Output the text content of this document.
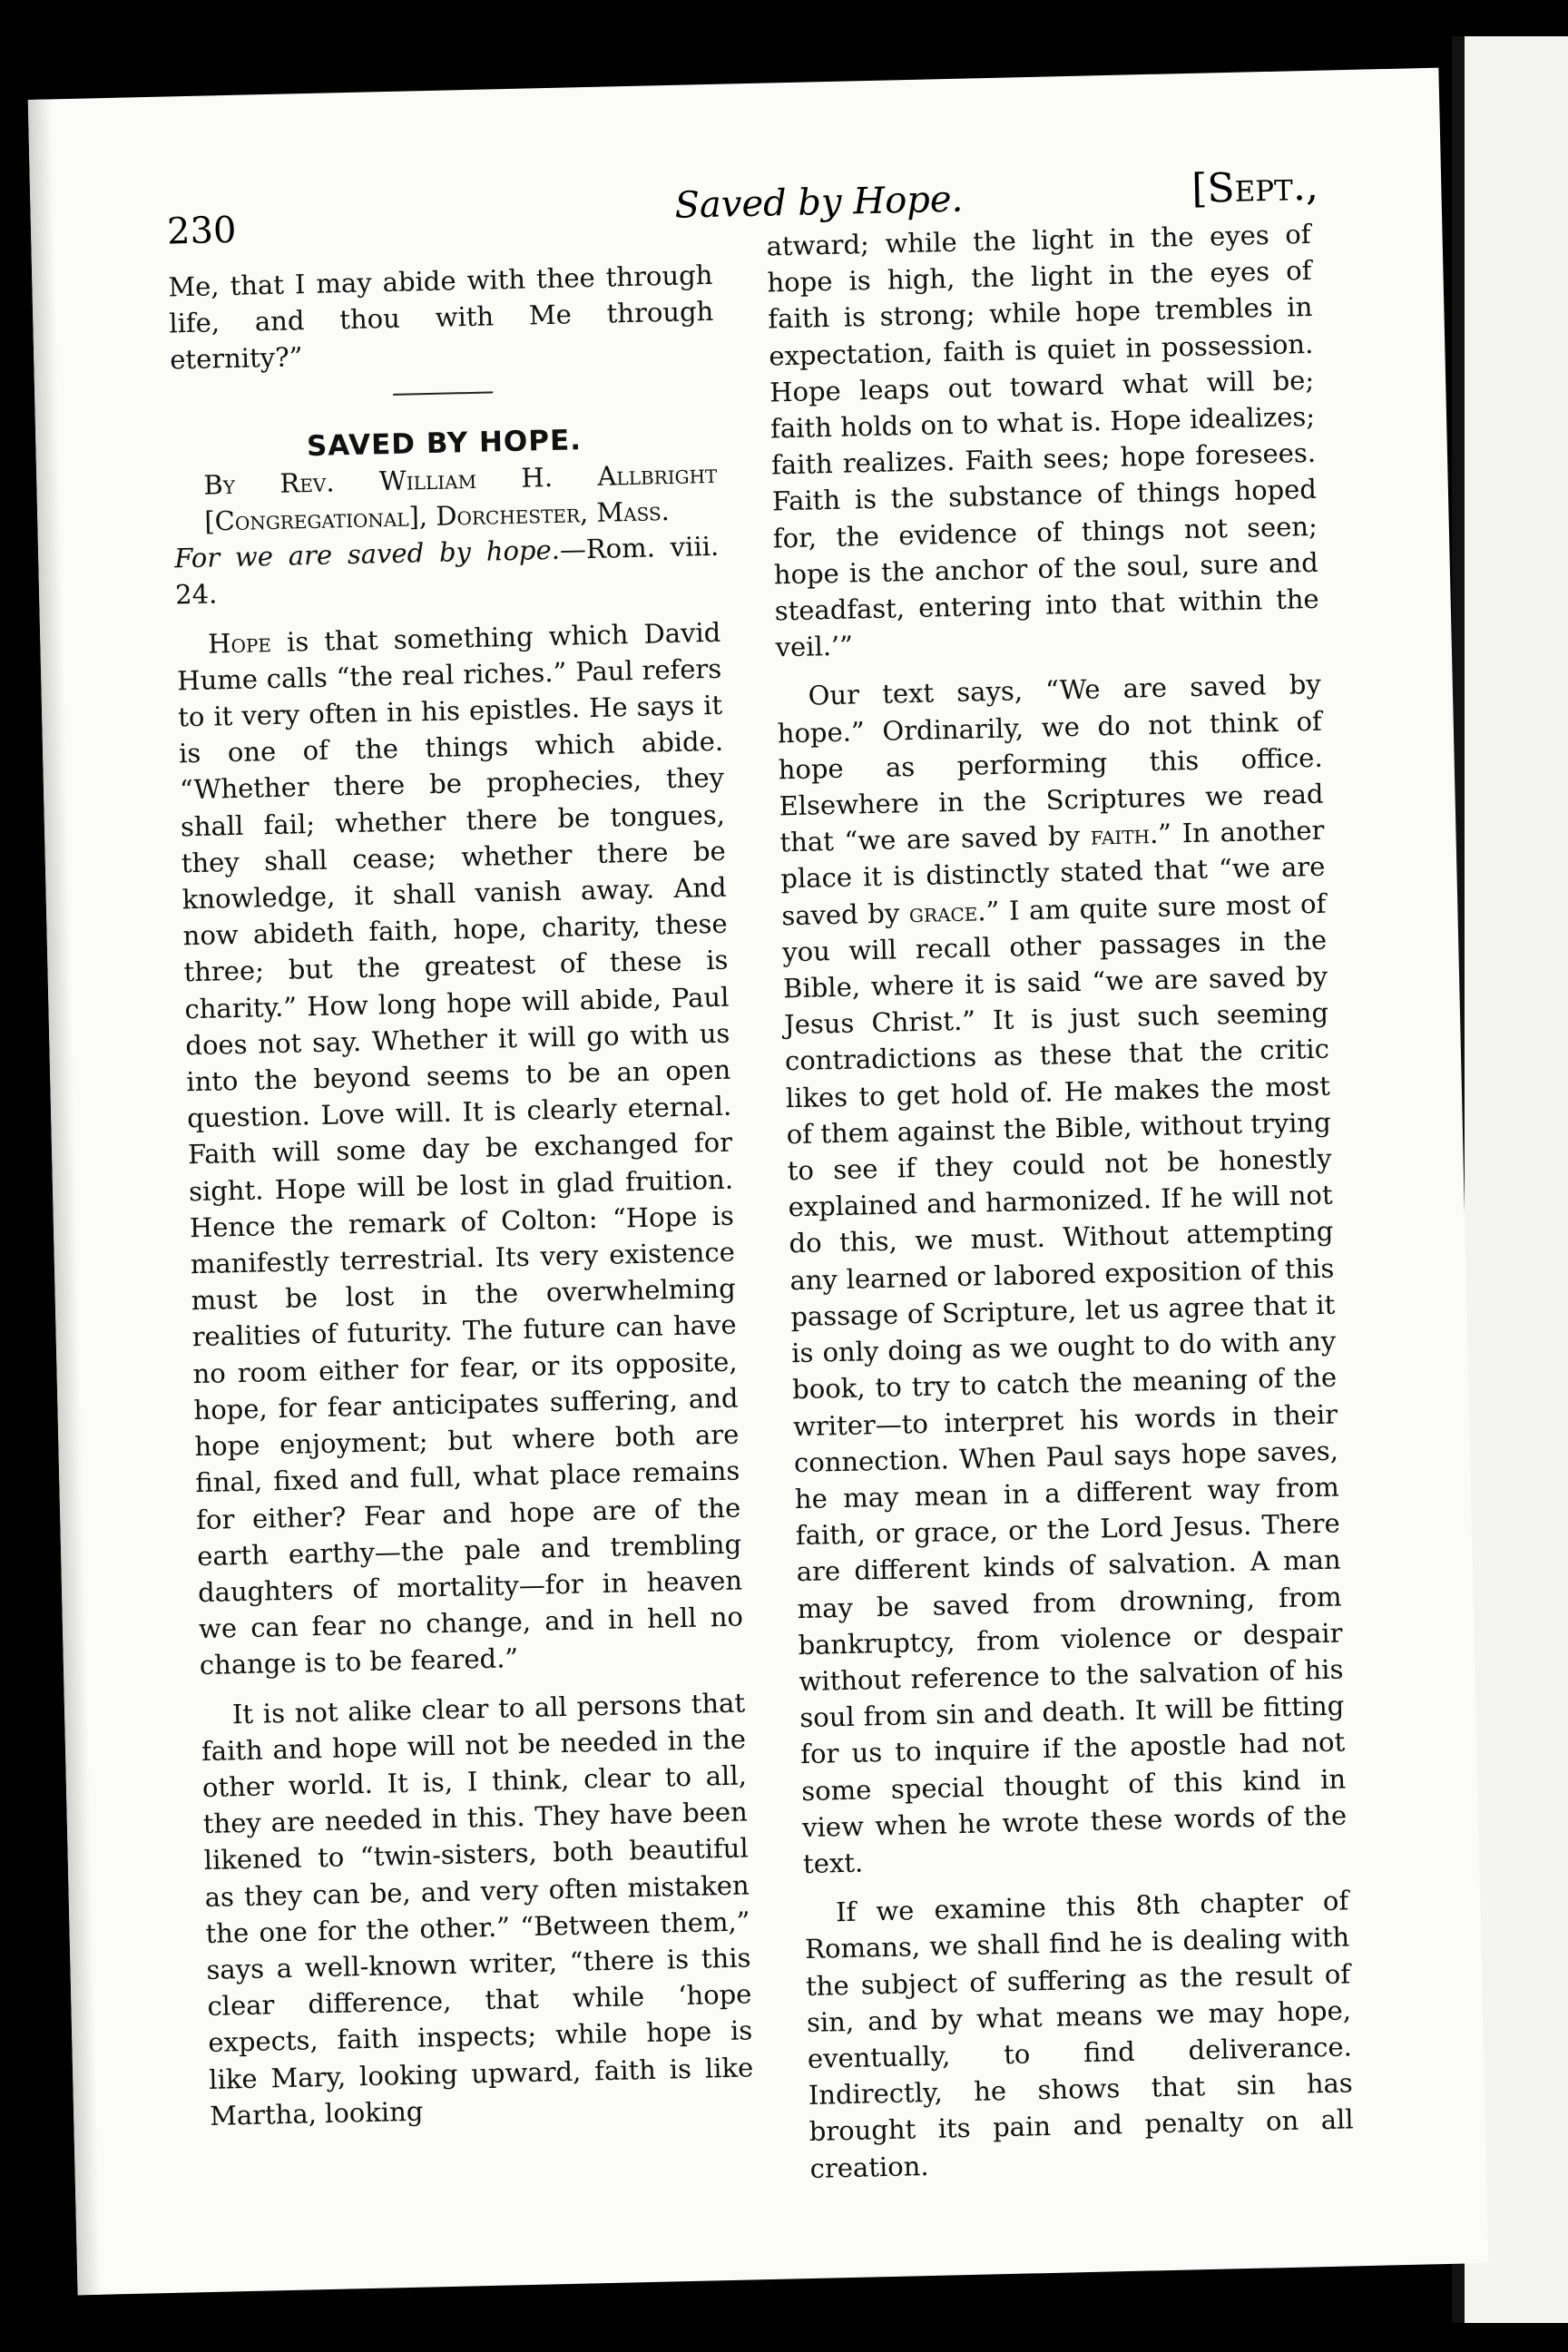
230
Saved by Hope.	[Sept.,

Me, that I may abide with thee through life, and thou with Me through eternity?”

SAVED BY HOPE.

By Rev. William H. Allbright [Congregational], Dorchester, Mass.

For we are saved by hope.—Rom. viii. 24.

Hope is that something which David Hume calls “the real riches.” Paul refers to it very often in his epistles. He says it is one of the things which abide. “Whether there be prophecies, they shall fail; whether there be tongues, they shall cease; whether there be knowledge, it shall vanish away. And now abideth faith, hope, charity, these three; but the greatest of these is charity.” How long hope will abide, Paul does not say. Whether it will go with us into the beyond seems to be an open question. Love will. It is clearly eternal. Faith will some day be exchanged for sight. Hope will be lost in glad fruition. Hence the remark of Colton: “Hope is manifestly terrestrial. Its very existence must be lost in the overwhelming realities of futurity. The future can have no room either for fear, or its opposite, hope, for fear anticipates suffering, and hope enjoyment; but where both are final, fixed and full, what place remains for either? Fear and hope are of the earth earthy—the pale and trembling daughters of mortality—for in heaven we can fear no change, and in hell no change is to be feared.”

It is not alike clear to all persons that faith and hope will not be needed in the other world. It is, I think, clear to all, they are needed in this. They have been likened to “twin-sisters, both beautiful as they can be, and very often mistaken the one for the other.” “Between them,” says a well-known writer, “there is this clear difference, that while ‘hope expects, faith inspects; while hope is like Mary, looking upward, faith is like Martha, looking

atward; while the light in the eyes of hope is high, the light in the eyes of faith is strong; while hope trembles in expectation, faith is quiet in possession. Hope leaps out toward what will be; faith holds on to what is. Hope idealizes; faith realizes. Faith sees; hope foresees. Faith is the substance of things hoped for, the evidence of things not seen; hope is the anchor of the soul, sure and steadfast, entering into that within the veil.’”

Our text says, “We are saved by hope.” Ordinarily, we do not think of hope as performing this office. Elsewhere in the Scriptures we read that “we are saved by faith.” In another place it is distinctly stated that “we are saved by grace.” I am quite sure most of you will recall other passages in the Bible, where it is said “we are saved by Jesus Christ.” It is just such seeming contradictions as these that the critic likes to get hold of. He makes the most of them against the Bible, without trying to see if they could not be honestly explained and harmonized. If he will not do this, we must. Without attempting any learned or labored exposition of this passage of Scripture, let us agree that it is only doing as we ought to do with any book, to try to catch the meaning of the writer—to interpret his words in their connection. When Paul says hope saves, he may mean in a different way from faith, or grace, or the Lord Jesus. There are different kinds of salvation. A man may be saved from drowning, from bankruptcy, from violence or despair without reference to the salvation of his soul from sin and death. It will be fitting for us to inquire if the apostle had not some special thought of this kind in view when he wrote these words of the text.

If we examine this 8th chapter of Romans, we shall find he is dealing with the subject of suffering as the result of sin, and by what means we may hope, eventually, to find deliverance. Indirectly, he shows that sin has brought its pain and penalty on all creation.
